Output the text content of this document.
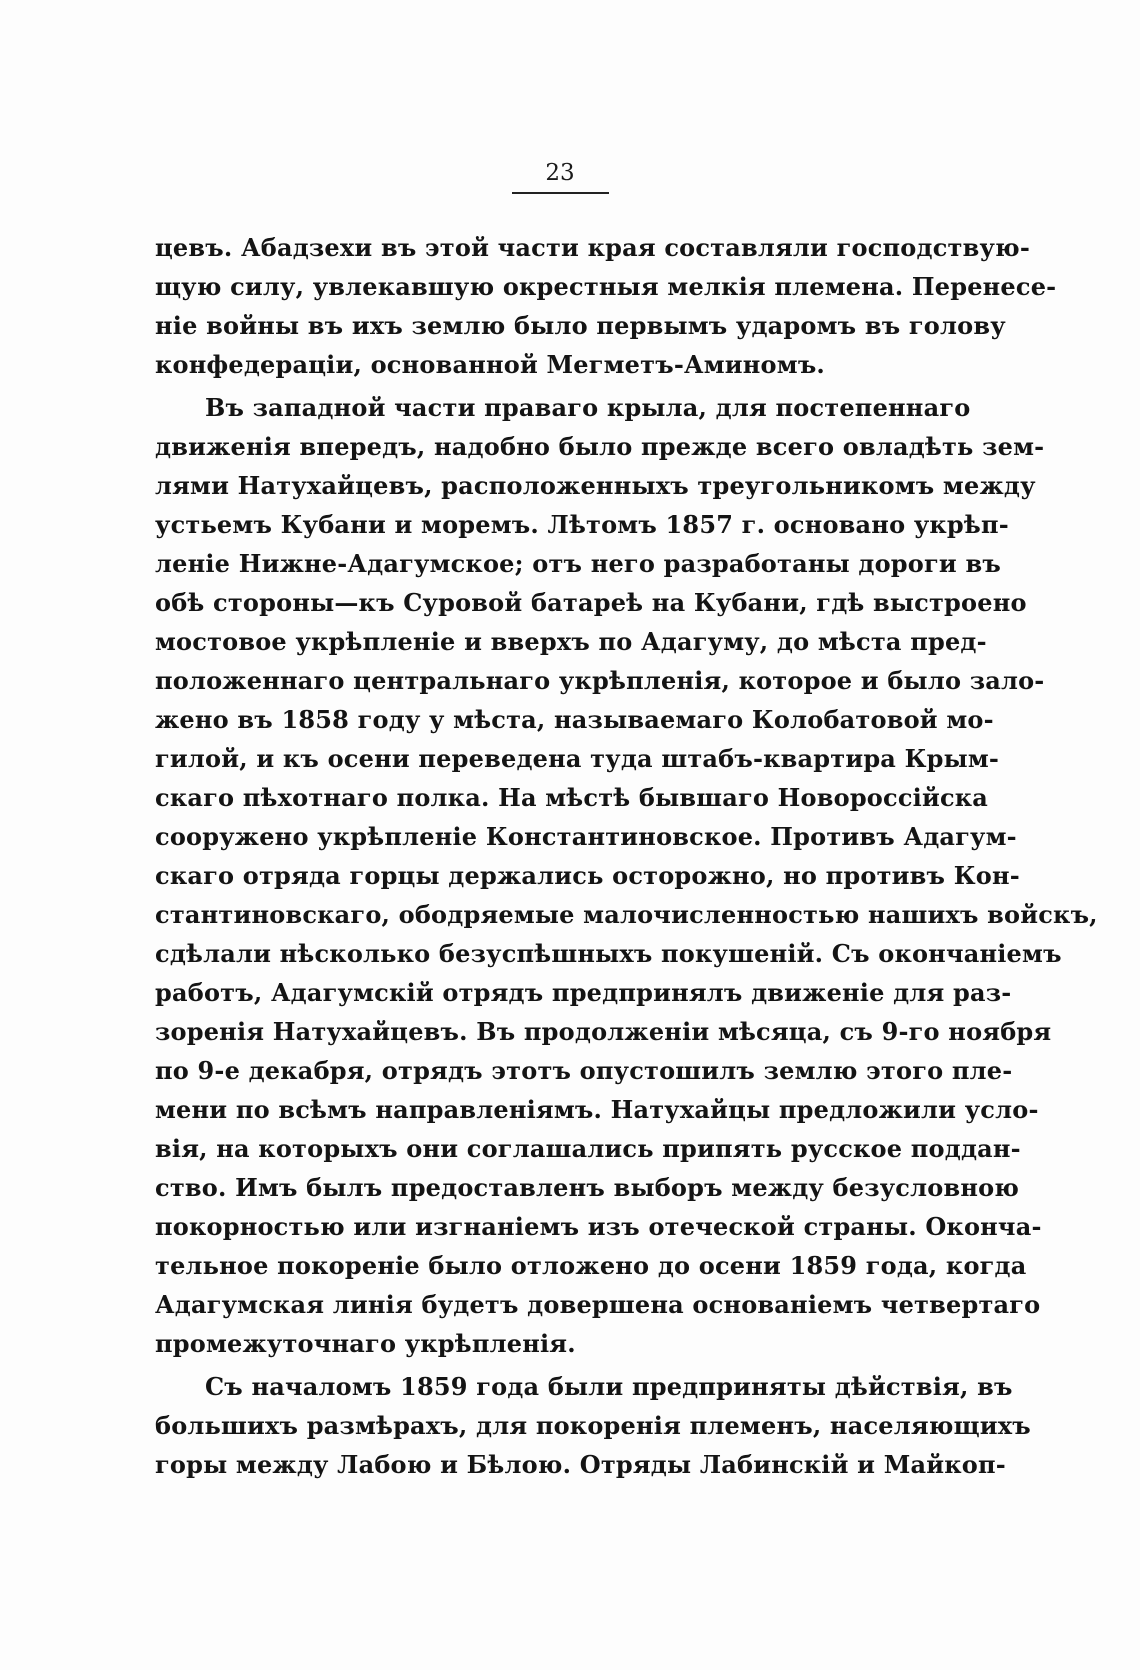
23
цевъ. Абадзехи въ этой части края составляли господствую-
щую силу, увлекавшую окрестныя мелкія племена. Перенесе-
ніе войны въ ихъ землю было первымъ ударомъ въ голову
конфедераціи, основанной Мегметъ-Аминомъ.
Въ западной части праваго крыла, для постепеннаго
движенія впередъ, надобно было прежде всего овладѣть зем-
лями Натухайцевъ, расположенныхъ треугольникомъ между
устьемъ Кубани и моремъ. Лѣтомъ 1857 г. основано укрѣп-
леніе Нижне-Адагумское; отъ него разработаны дороги въ
обѣ стороны—къ Суровой батареѣ на Кубани, гдѣ выстроено
мостовое укрѣпленіе и вверхъ по Адагуму, до мѣста пред-
положеннаго центральнаго укрѣпленія, которое и было зало-
жено въ 1858 году у мѣста, называемаго Колобатовой мо-
гилой, и къ осени переведена туда штабъ-квартира Крым-
скаго пѣхотнаго полка. На мѣстѣ бывшаго Новороссійска
сооружено укрѣпленіе Константиновское. Противъ Адагум-
скаго отряда горцы держались осторожно, но противъ Кон-
стантиновскаго, ободряемые малочисленностью нашихъ войскъ,
сдѣлали нѣсколько безуспѣшныхъ покушеній. Съ окончаніемъ
работъ, Адагумскій отрядъ предпринялъ движеніе для раз-
зоренія Натухайцевъ. Въ продолженіи мѣсяца, съ 9-го ноября
по 9-е декабря, отрядъ этотъ опустошилъ землю этого пле-
мени по всѣмъ направленіямъ. Натухайцы предложили усло-
вія, на которыхъ они соглашались припять русское поддан-
ство. Имъ былъ предоставленъ выборъ между безусловною
покорностью или изгнаніемъ изъ отеческой страны. Оконча-
тельное покореніе было отложено до осени 1859 года, когда
Адагумская линія будетъ довершена основаніемъ четвертаго
промежуточнаго укрѣпленія.
Съ началомъ 1859 года были предприняты дѣйствія, въ
большихъ размѣрахъ, для покоренія племенъ, населяющихъ
горы между Лабою и Бѣлою. Отряды Лабинскій и Майкоп-
